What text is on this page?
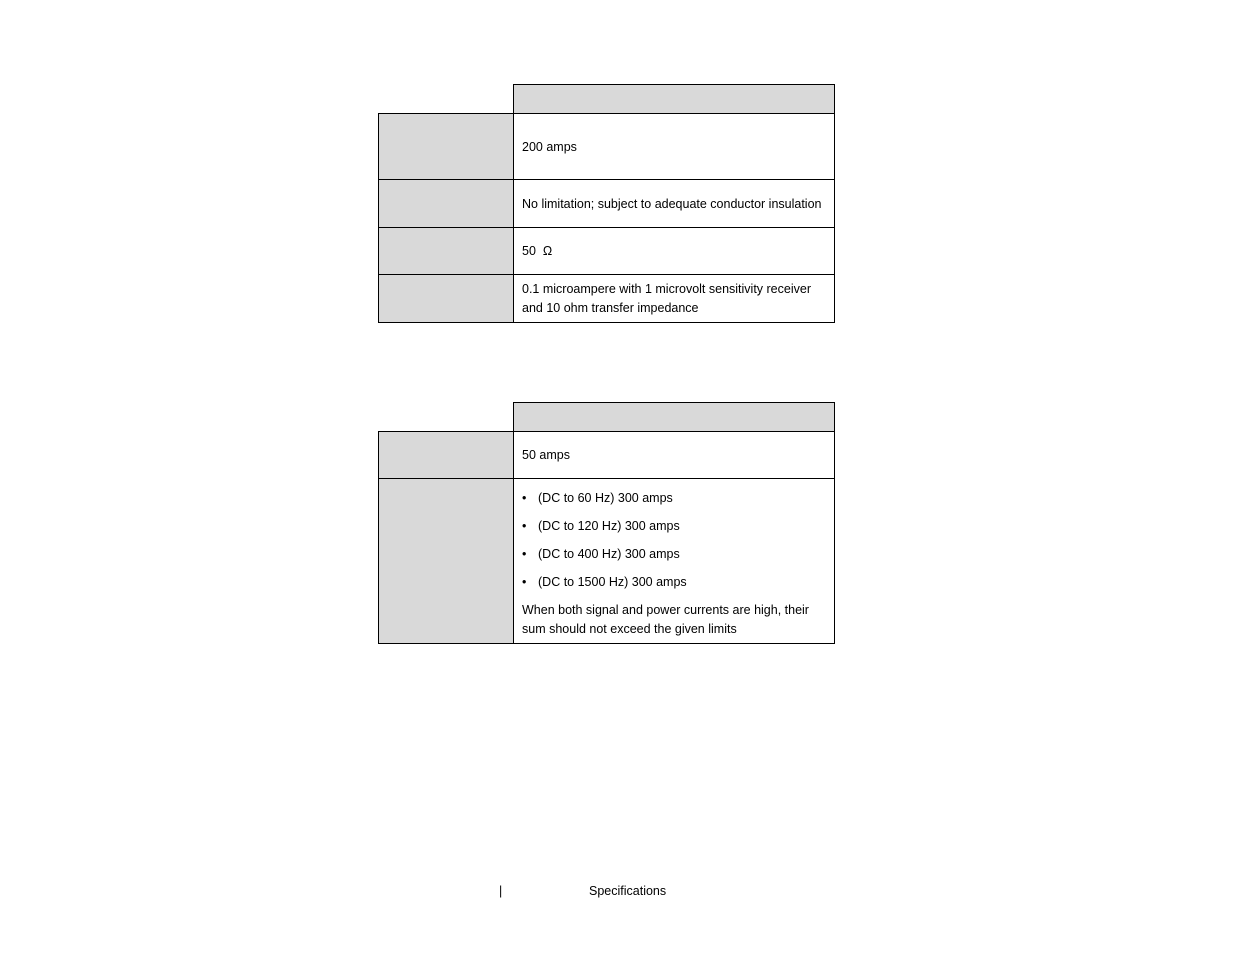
200 amps
No limitation; subject to adequate conductor insulation
50  Ω
0.1 microampere with 1 microvolt sensitivity receiver
and 10 ohm transfer impedance
50 amps
• (DC to 60 Hz) 300 amps
• (DC to 120 Hz) 300 amps
• (DC to 400 Hz) 300 amps
• (DC to 1500 Hz) 300 amps
When both signal and power currents are high, their
sum should not exceed the given limits
|	Specifications
